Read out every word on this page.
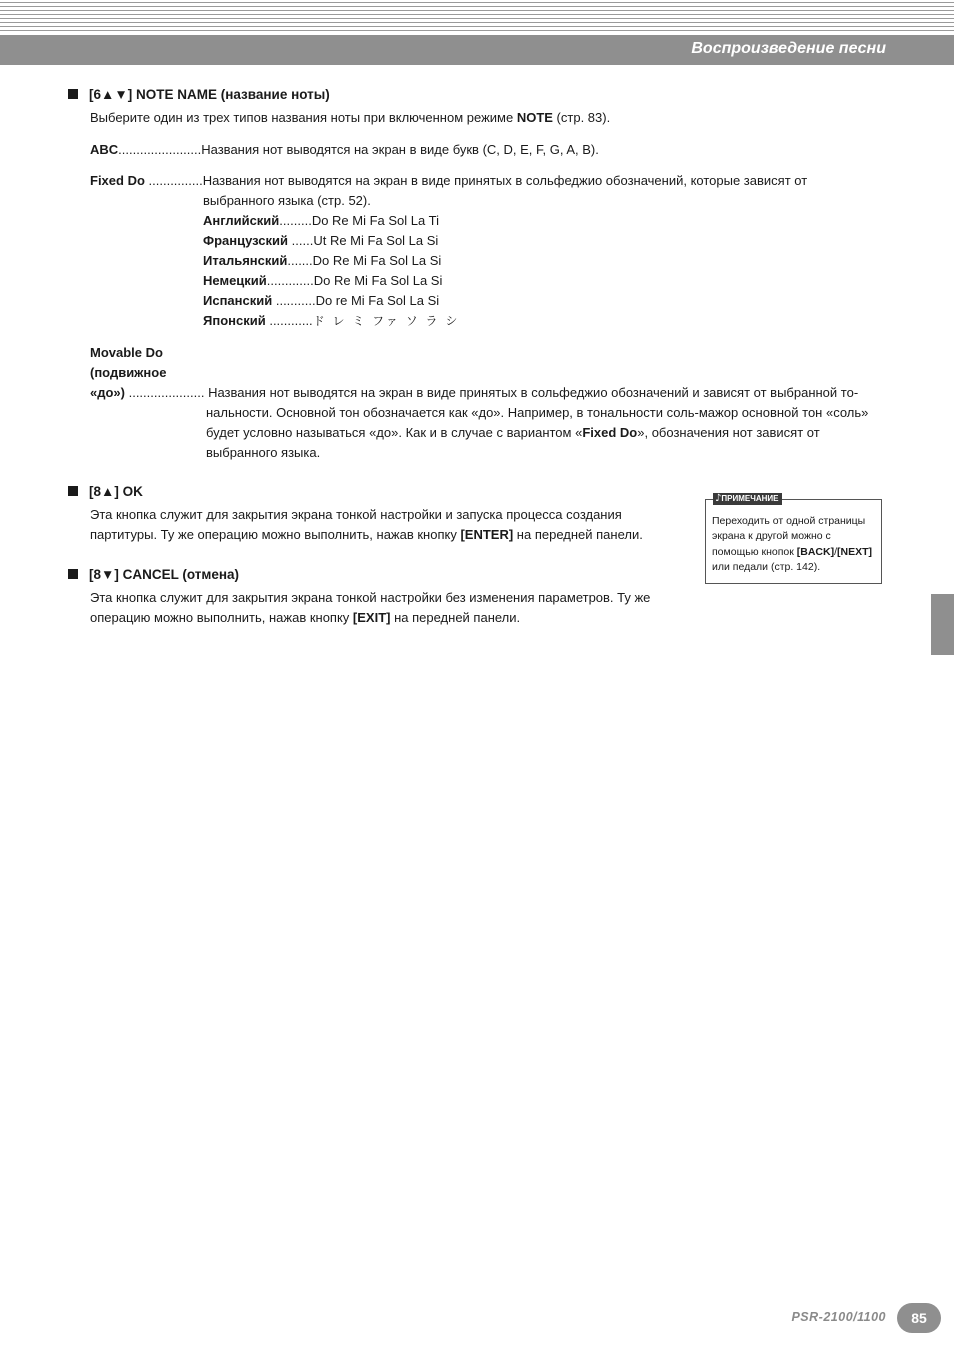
Воспроизведение песни
[6▲▼] NOTE NAME (название ноты)
Выберите один из трех типов названия ноты при включенном режиме NOTE (стр. 83).
ABC.......................Названия нот выводятся на экран в виде букв (C, D, E, F, G, A, B).
Fixed Do ...............Названия нот выводятся на экран в виде принятых в сольфеджио обозначений, которые зависят от
выбранного языка (стр. 52).
Английский.........Do Re Mi Fa Sol La Ti
Французский ......Ut Re Mi Fa Sol La Si
Итальянский.......Do Re Mi Fa Sol La Si
Немецкий.............Do Re Mi Fa Sol La Si
Испанский ...........Do re Mi Fa Sol La Si
Японский ............ド レ ミ ファ ソ ラ シ
Movable Do
(подвижное
«до») ..................... Названия нот выводятся на экран в виде принятых в сольфеджио обозначений и зависят от выбранной то-
нальности. Основной тон обозначается как «до». Например, в тональности соль-мажор основной тон «соль»
будет условно называться «до». Как и в случае с вариантом «Fixed Do», обозначения нот зависят от
выбранного языка.
[8▲] OK
Эта кнопка служит для закрытия экрана тонкой настройки и запуска процесса создания
партитуры. Ту же операцию можно выполнить, нажав кнопку [ENTER] на передней панели.
[8▼] CANCEL (отмена)
Эта кнопка служит для закрытия экрана тонкой настройки без изменения параметров. Ту же
операцию можно выполнить, нажав кнопку [EXIT] на передней панели.
♪ПРИМЕЧАНИЕ
Переходить от одной страницы
экрана к другой можно с
помощью кнопок [BACK]/[NEXT]
или педали (стр. 142).
PSR-2100/1100	85
